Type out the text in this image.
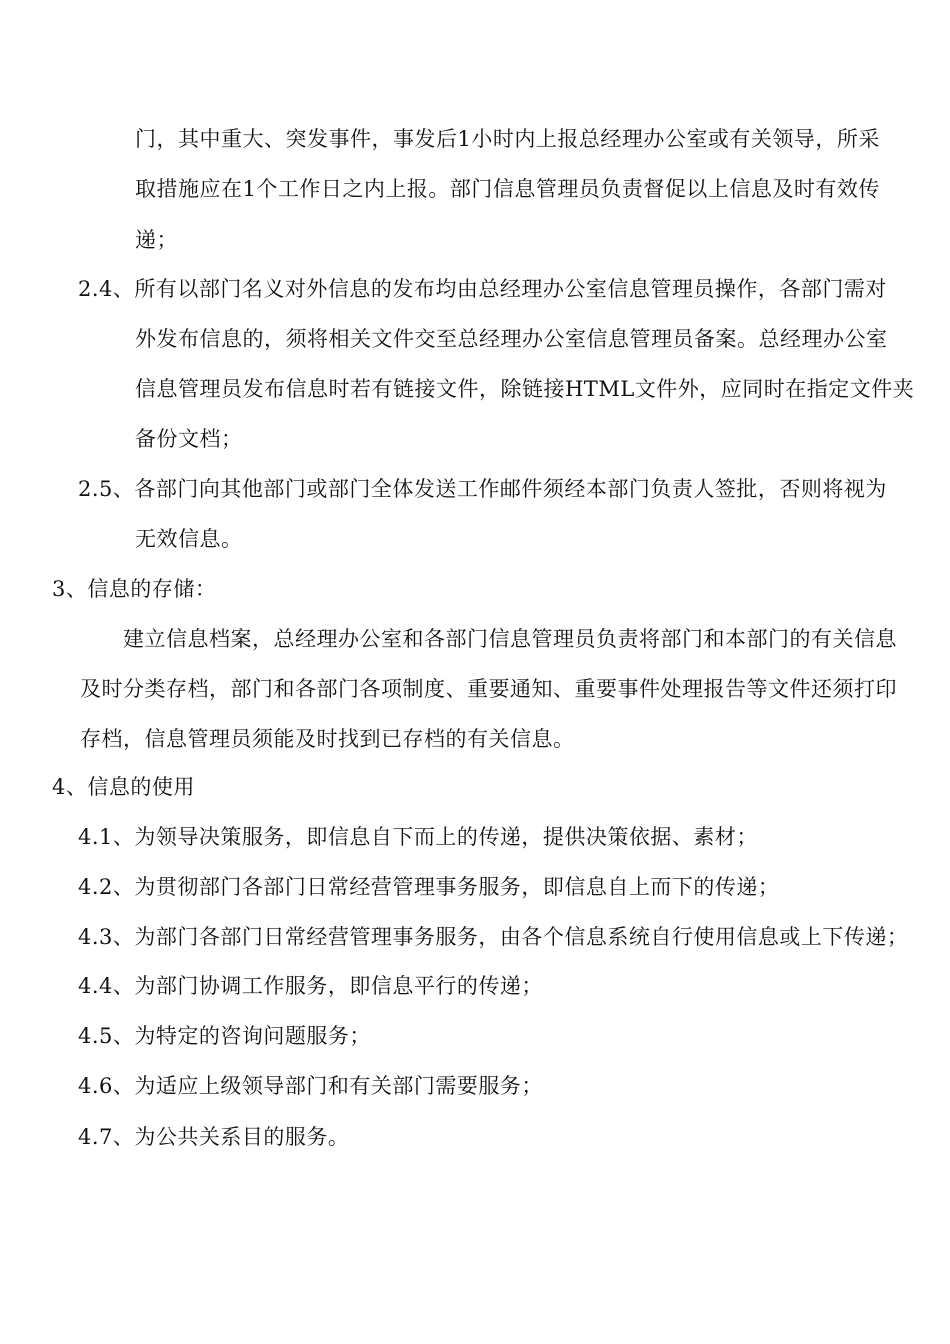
门，其中重大、突发事件，事发后1小时内上报总经理办公室或有关领导，所采
取措施应在1个工作日之内上报。部门信息管理员负责督促以上信息及时有效传
递；
2.4、所有以部门名义对外信息的发布均由总经理办公室信息管理员操作，各部门需对
外发布信息的，须将相关文件交至总经理办公室信息管理员备案。总经理办公室
信息管理员发布信息时若有链接文件，除链接HTML文件外，应同时在指定文件夹
备份文档；
2.5、各部门向其他部门或部门全体发送工作邮件须经本部门负责人签批，否则将视为
无效信息。
3、信息的存储：
建立信息档案，总经理办公室和各部门信息管理员负责将部门和本部门的有关信息
及时分类存档，部门和各部门各项制度、重要通知、重要事件处理报告等文件还须打印
存档，信息管理员须能及时找到已存档的有关信息。
4、信息的使用
4.1、为领导决策服务，即信息自下而上的传递，提供决策依据、素材；
4.2、为贯彻部门各部门日常经营管理事务服务，即信息自上而下的传递；
4.3、为部门各部门日常经营管理事务服务，由各个信息系统自行使用信息或上下传递；
4.4、为部门协调工作服务，即信息平行的传递；
4.5、为特定的咨询问题服务；
4.6、为适应上级领导部门和有关部门需要服务；
4.7、为公共关系目的服务。
